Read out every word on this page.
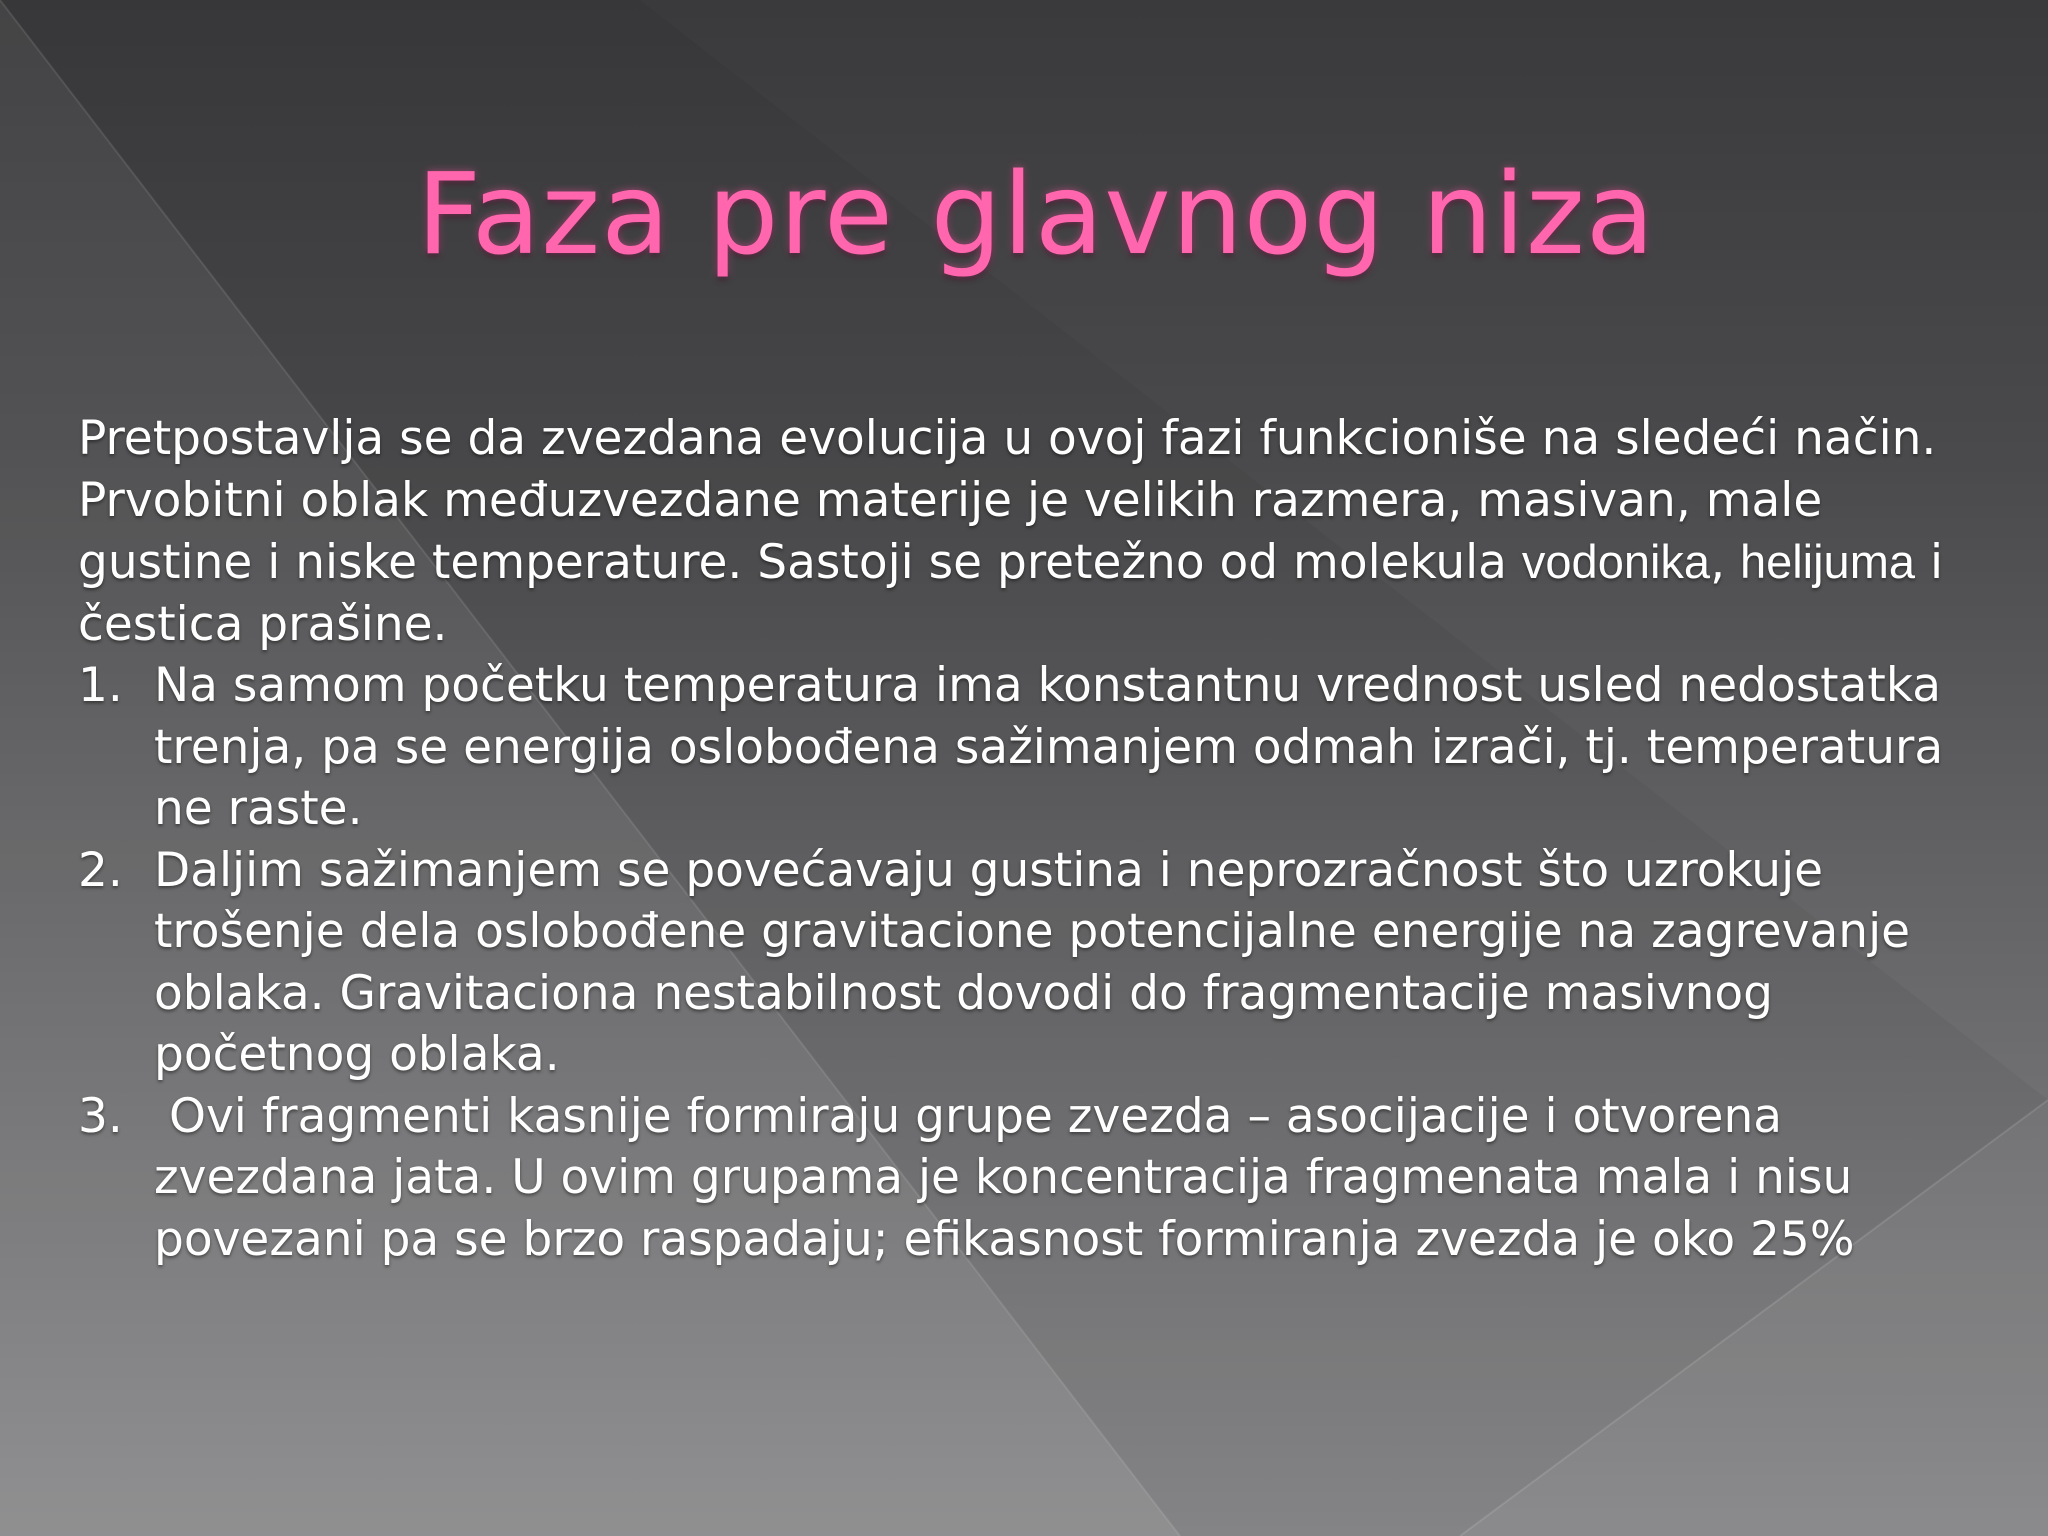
Faza pre glavnog niza

Pretpostavlja se da zvezdana evolucija u ovoj fazi funkcioniše na sledeći način. Prvobitni oblak međuzvezdane materije je velikih razmera, masivan, male gustine i niske temperature. Sastoji se pretežno od molekula vodonika, helijuma i čestica prašine.

1. Na samom početku temperatura ima konstantnu vrednost usled nedostatka trenja, pa se energija oslobođena sažimanjem odmah izrači, tj. temperatura ne raste.
2. Daljim sažimanjem se povećavaju gustina i neprozračnost što uzrokuje trošenje dela oslobođene gravitacione potencijalne energije na zagrevanje oblaka. Gravitaciona nestabilnost dovodi do fragmentacije masivnog početnog oblaka.
3. Ovi fragmenti kasnije formiraju grupe zvezda – asocijacije i otvorena zvezdana jata. U ovim grupama je koncentracija fragmenata mala i nisu povezani pa se brzo raspadaju; efikasnost formiranja zvezda je oko 25%
